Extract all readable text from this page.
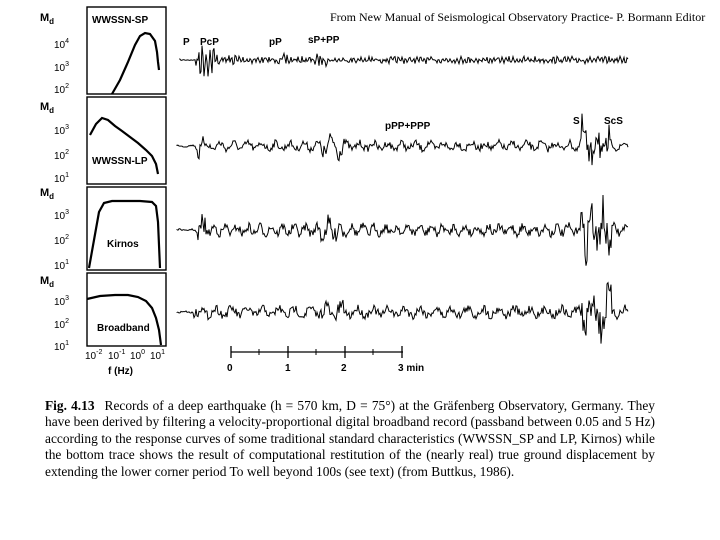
From New Manual of Seismological Observatory Practice- P. Bormann Editor
$M_d$
$10^4$
$10^3$
$10^2$
WWSSN-SP
$M_d$
$10^3$
$10^2$
$10^1$
WWSSN-LP
$M_d$
$10^3$
$10^2$
$10^1$
Kirnos
$M_d$
$10^3$
$10^2$
$10^1$
Broadband
$10^{-2}$ $10^{-1}$ $10^0$ $10^1$
f (Hz)
P PcP	pP	sP+PP
pPP+PPP	S ScS
0	1	2	3 min
Fig. 4.13 Records of a deep earthquake (h = 570 km, D = 75°) at the Gräfenberg Observatory, Germany. They have been derived by filtering a velocity-proportional digital broadband record (passband between 0.05 and 5 Hz) according to the response curves of some traditional standard characteristics (WWSSN_SP and LP, Kirnos) while the bottom trace shows the result of computational restitution of the (nearly real) true ground displacement by extending the lower corner period To well beyond 100s (see text) (from Buttkus, 1986).
